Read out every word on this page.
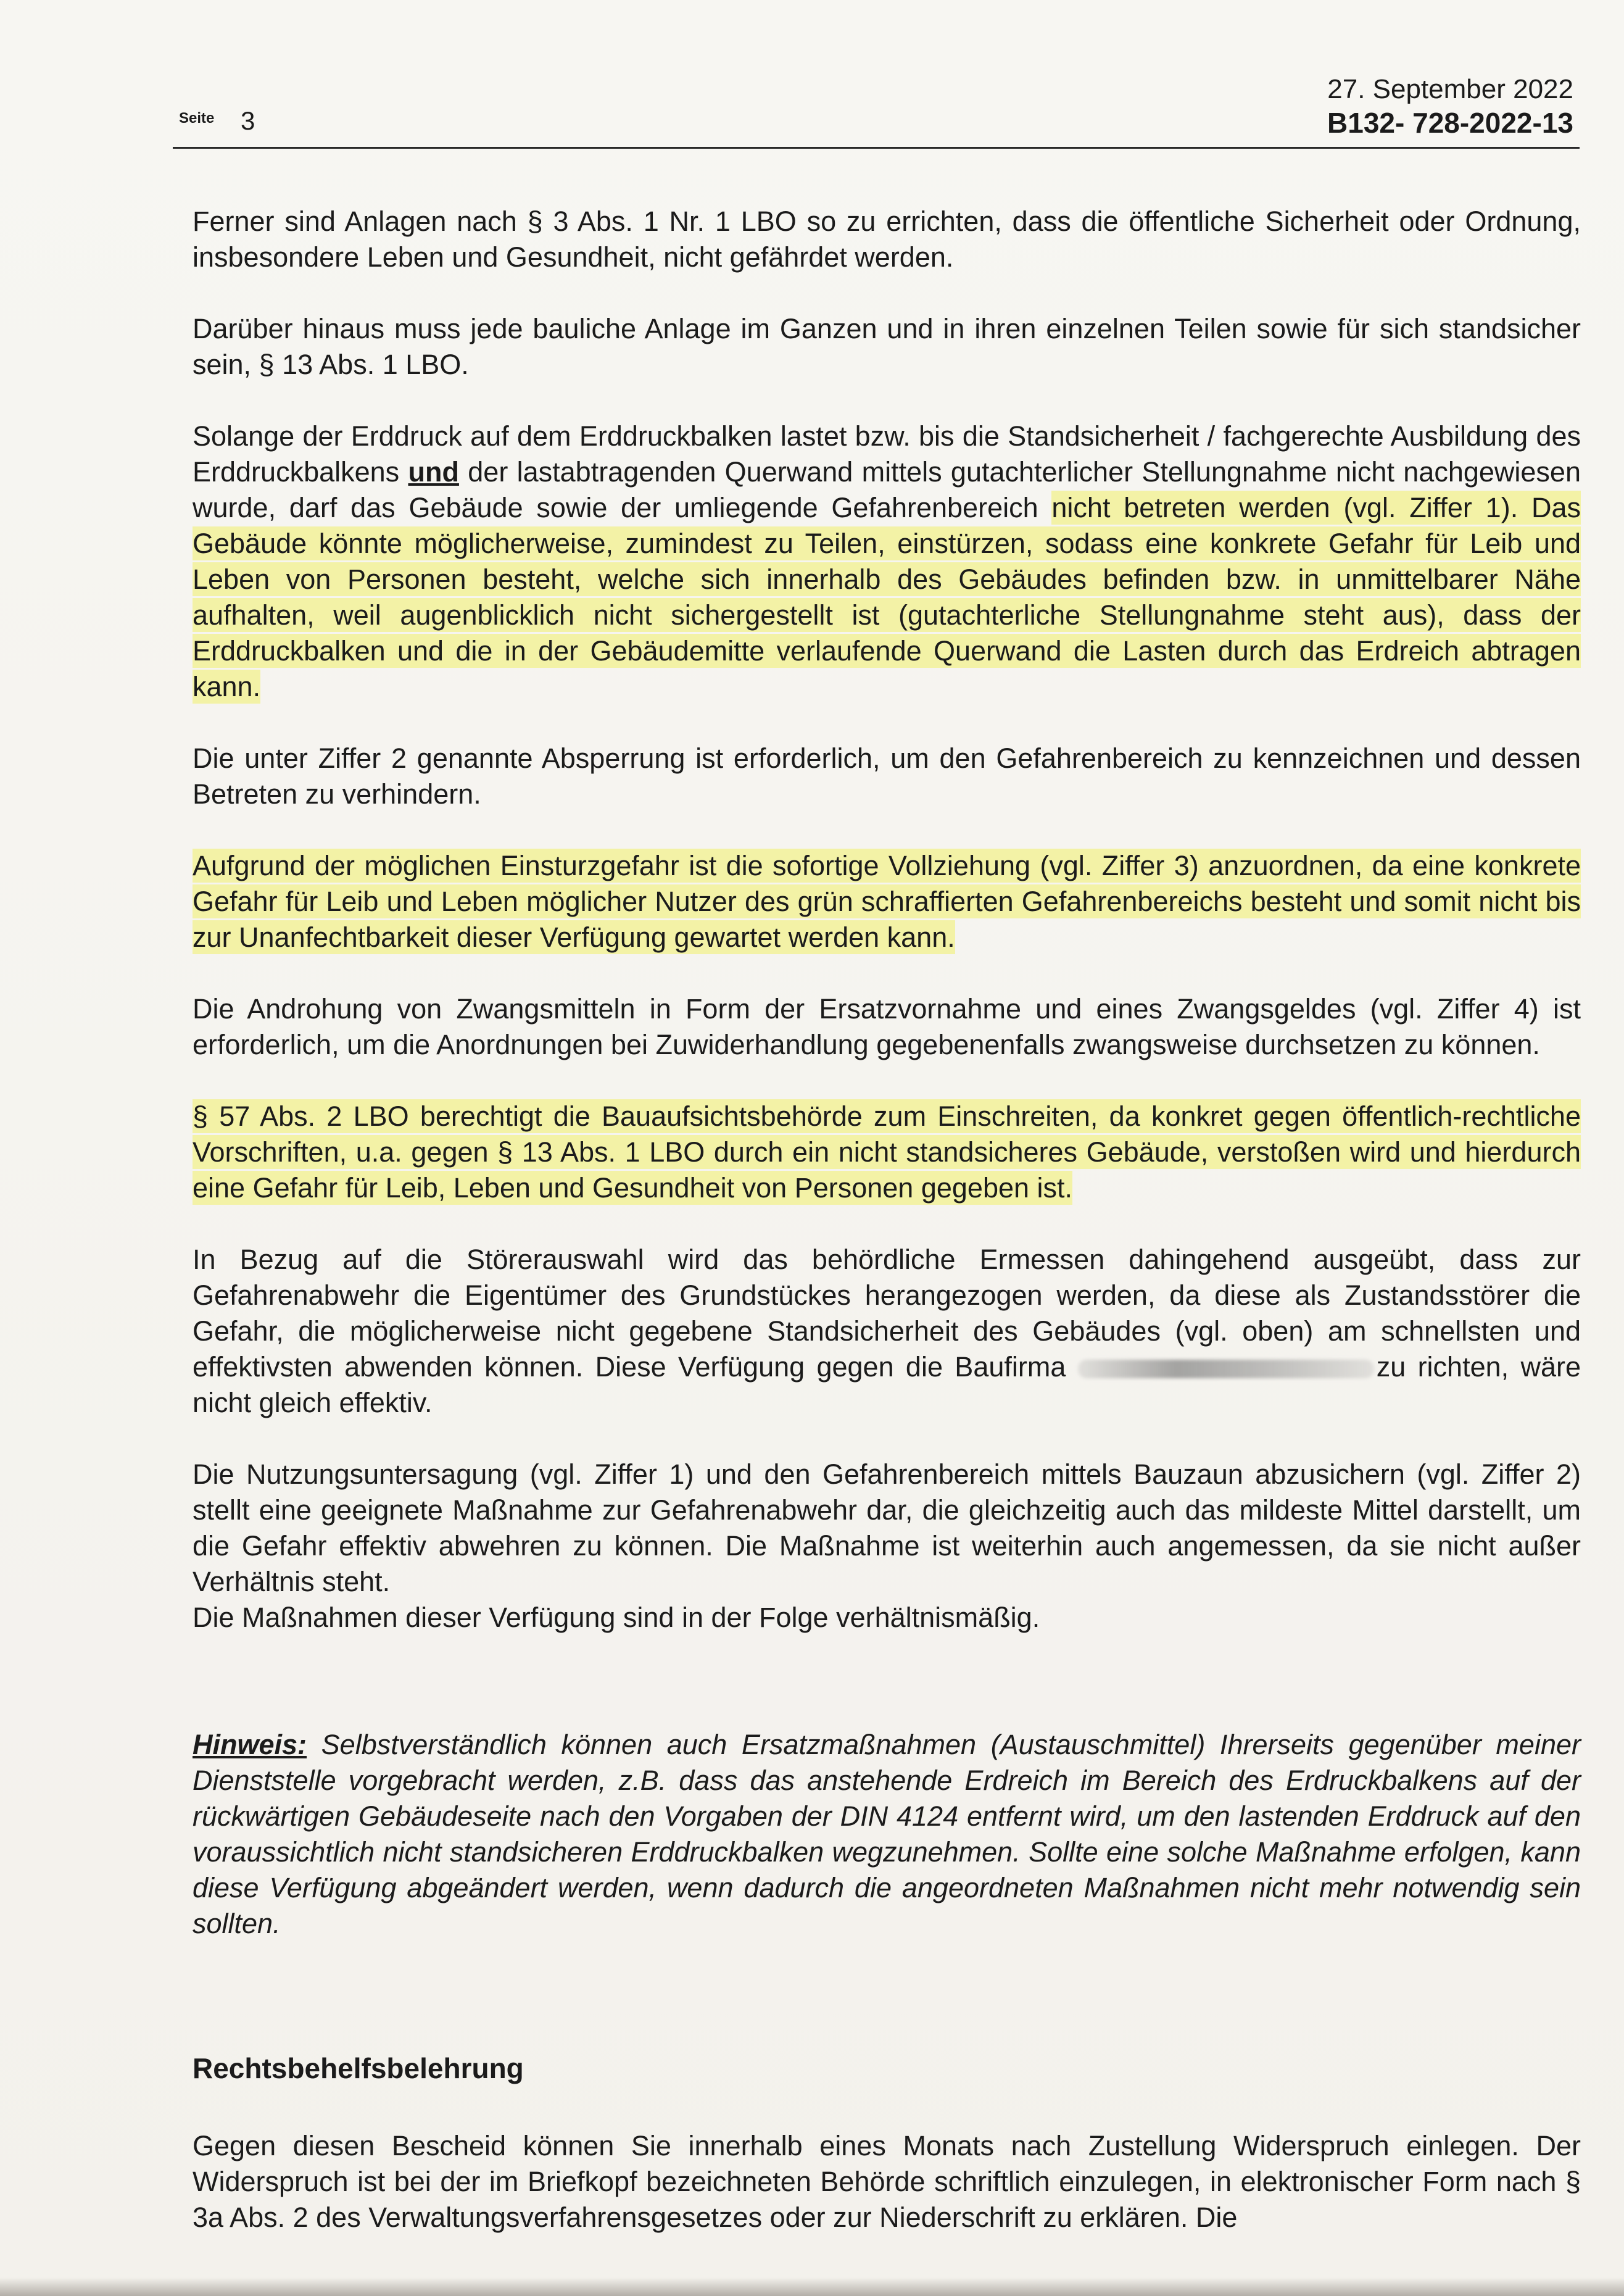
Seite 3
27. September 2022
B132- 728-2022-13

Ferner sind Anlagen nach § 3 Abs. 1 Nr. 1 LBO so zu errichten, dass die öffentliche Sicherheit oder Ordnung, insbesondere Leben und Gesundheit, nicht gefährdet werden.

Darüber hinaus muss jede bauliche Anlage im Ganzen und in ihren einzelnen Teilen sowie für sich standsicher sein, § 13 Abs. 1 LBO.

Solange der Erddruck auf dem Erddruckbalken lastet bzw. bis die Standsicherheit / fachgerechte Ausbildung des Erddruckbalkens und der lastabtragenden Querwand mittels gutachterlicher Stellungnahme nicht nachgewiesen wurde, darf das Gebäude sowie der umliegende Gefahrenbereich nicht betreten werden (vgl. Ziffer 1). Das Gebäude könnte möglicherweise, zumindest zu Teilen, einstürzen, sodass eine konkrete Gefahr für Leib und Leben von Personen besteht, welche sich innerhalb des Gebäudes befinden bzw. in unmittelbarer Nähe aufhalten, weil augenblicklich nicht sichergestellt ist (gutachterliche Stellungnahme steht aus), dass der Erddruckbalken und die in der Gebäudemitte verlaufende Querwand die Lasten durch das Erdreich abtragen kann.

Die unter Ziffer 2 genannte Absperrung ist erforderlich, um den Gefahrenbereich zu kennzeichnen und dessen Betreten zu verhindern.

Aufgrund der möglichen Einsturzgefahr ist die sofortige Vollziehung (vgl. Ziffer 3) anzuordnen, da eine konkrete Gefahr für Leib und Leben möglicher Nutzer des grün schraffierten Gefahrenbereichs besteht und somit nicht bis zur Unanfechtbarkeit dieser Verfügung gewartet werden kann.

Die Androhung von Zwangsmitteln in Form der Ersatzvornahme und eines Zwangsgeldes (vgl. Ziffer 4) ist erforderlich, um die Anordnungen bei Zuwiderhandlung gegebenenfalls zwangsweise durchsetzen zu können.

§ 57 Abs. 2 LBO berechtigt die Bauaufsichtsbehörde zum Einschreiten, da konkret gegen öffentlich-rechtliche Vorschriften, u.a. gegen § 13 Abs. 1 LBO durch ein nicht standsicheres Gebäude, verstoßen wird und hierdurch eine Gefahr für Leib, Leben und Gesundheit von Personen gegeben ist.

In Bezug auf die Störerauswahl wird das behördliche Ermessen dahingehend ausgeübt, dass zur Gefahrenabwehr die Eigentümer des Grundstückes herangezogen werden, da diese als Zustandsstörer die Gefahr, die möglicherweise nicht gegebene Standsicherheit des Gebäudes (vgl. oben) am schnellsten und effektivsten abwenden können. Diese Verfügung gegen die Baufirma	zu richten, wäre nicht gleich effektiv.

Die Nutzungsuntersagung (vgl. Ziffer 1) und den Gefahrenbereich mittels Bauzaun abzusichern (vgl. Ziffer 2) stellt eine geeignete Maßnahme zur Gefahrenabwehr dar, die gleichzeitig auch das mildeste Mittel darstellt, um die Gefahr effektiv abwehren zu können. Die Maßnahme ist weiterhin auch angemessen, da sie nicht außer Verhältnis steht.

Die Maßnahmen dieser Verfügung sind in der Folge verhältnismäßig.

Hinweis: Selbstverständlich können auch Ersatzmaßnahmen (Austauschmittel) Ihrerseits gegenüber meiner Dienststelle vorgebracht werden, z.B. dass das anstehende Erdreich im Bereich des Erdruckbalkens auf der rückwärtigen Gebäudeseite nach den Vorgaben der DIN 4124 entfernt wird, um den lastenden Erddruck auf den voraussichtlich nicht standsicheren Erddruckbalken wegzunehmen. Sollte eine solche Maßnahme erfolgen, kann diese Verfügung abgeändert werden, wenn dadurch die angeordneten Maßnahmen nicht mehr notwendig sein sollten.

Rechtsbehelfsbelehrung

Gegen diesen Bescheid können Sie innerhalb eines Monats nach Zustellung Widerspruch einlegen. Der Widerspruch ist bei der im Briefkopf bezeichneten Behörde schriftlich einzulegen, in elektronischer Form nach § 3a Abs. 2 des Verwaltungsverfahrensgesetzes oder zur Niederschrift zu erklären. Die
